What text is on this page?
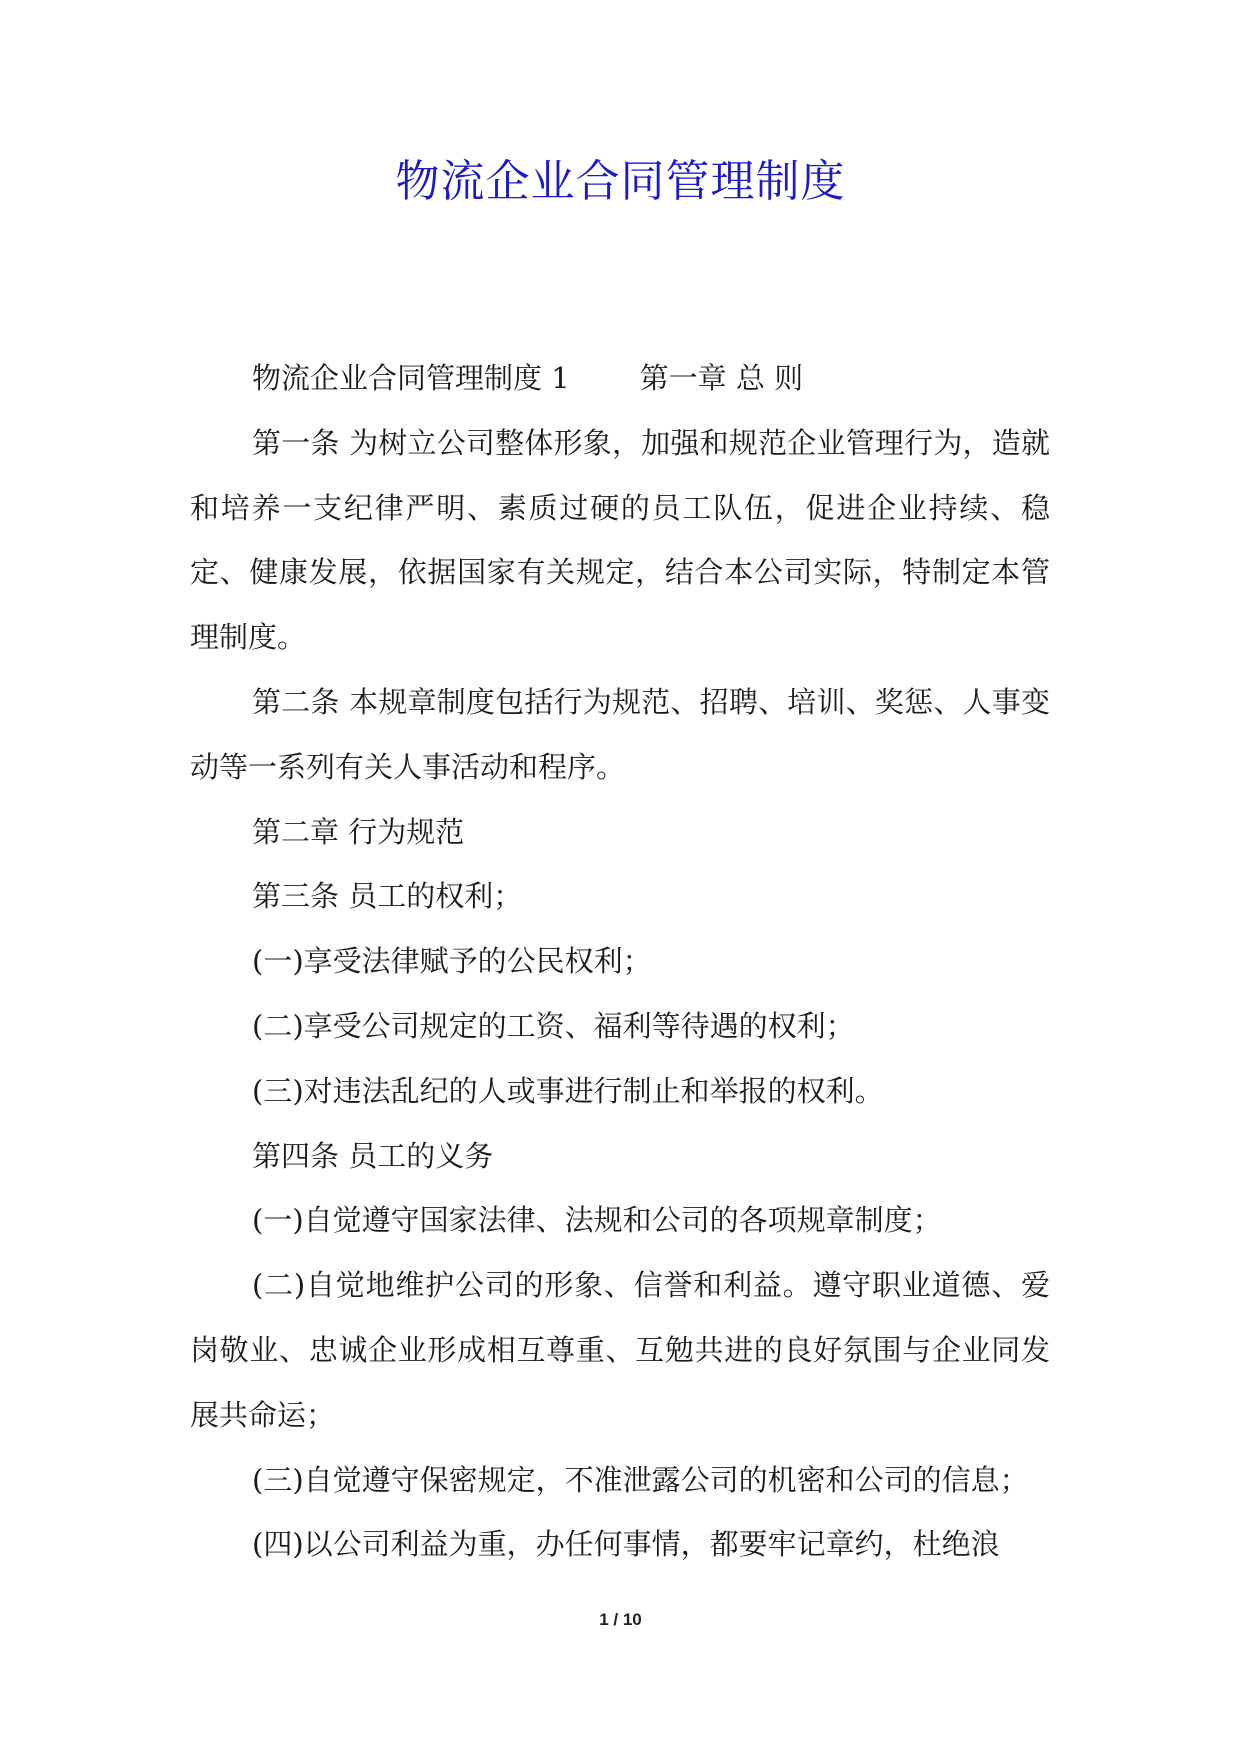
物流企业合同管理制度

物流企业合同管理制度 1 第一章 总 则

第一条 为树立公司整体形象，加强和规范企业管理行为，造就和培养一支纪律严明、素质过硬的员工队伍，促进企业持续、稳定、健康发展，依据国家有关规定，结合本公司实际，特制定本管理制度。

第二条 本规章制度包括行为规范、招聘、培训、奖惩、人事变动等一系列有关人事活动和程序。

第二章 行为规范

第三条 员工的权利；

(一)享受法律赋予的公民权利；

(二)享受公司规定的工资、福利等待遇的权利；

(三)对违法乱纪的人或事进行制止和举报的权利。

第四条 员工的义务

(一)自觉遵守国家法律、法规和公司的各项规章制度；

(二)自觉地维护公司的形象、信誉和利益。遵守职业道德、爱岗敬业、忠诚企业形成相互尊重、互勉共进的良好氛围与企业同发展共命运；

(三)自觉遵守保密规定，不准泄露公司的机密和公司的信息；

(四)以公司利益为重，办任何事情，都要牢记章约，杜绝浪

1 / 10
